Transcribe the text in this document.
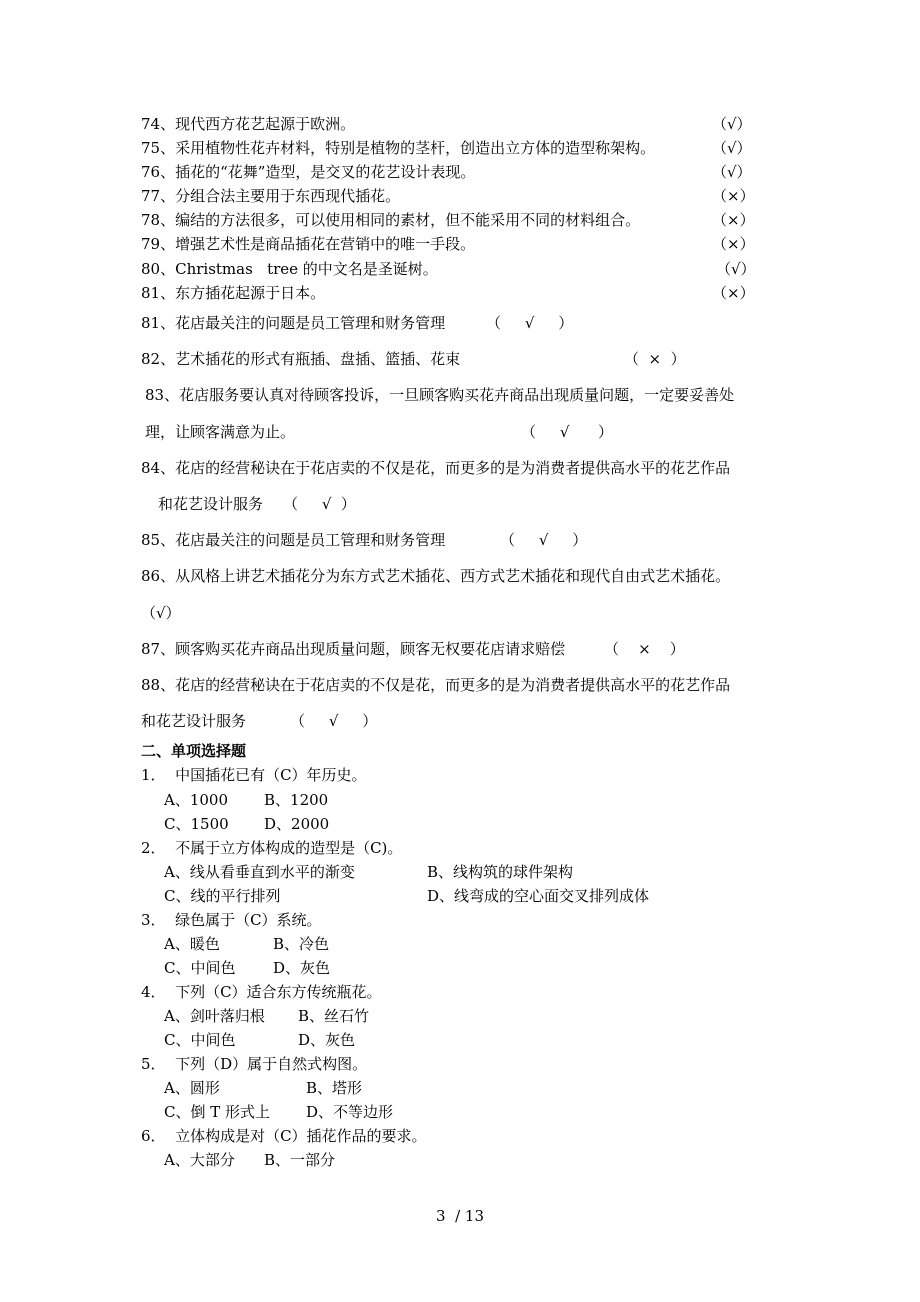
74、现代西方花艺起源于欧洲。	（√）
75、采用植物性花卉材料，特别是植物的茎杆，创造出立方体的造型称架构。	（√）
76、插花的“花舞”造型，是交叉的花艺设计表现。	（√）
77、分组合法主要用于东西现代插花。	（×）
78、编结的方法很多，可以使用相同的素材，但不能采用不同的材料组合。	（×）
79、增强艺术性是商品插花在营销中的唯一手段。	（×）
80、Christmas   tree 的中文名是圣诞树。	（√）
81、东方插花起源于日本。	（×）
81、花店最关注的问题是员工管理和财务管理	（     √     ）
82、艺术插花的形式有瓶插、盘插、篮插、花束	（  ×  ）
83、花店服务要认真对待顾客投诉，一旦顾客购买花卉商品出现质量问题，一定要妥善处
理，让顾客满意为止。	（     √      ）
84、花店的经营秘诀在于花店卖的不仅是花，而更多的是为消费者提供高水平的花艺作品
和花艺设计服务 （     √  ）
85、花店最关注的问题是员工管理和财务管理	（     √     ）
86、从风格上讲艺术插花分为东方式艺术插花、西方式艺术插花和现代自由式艺术插花。
（√）
87、顾客购买花卉商品出现质量问题，顾客无权要花店请求赔偿	（    ×    ）
88、花店的经营秘诀在于花店卖的不仅是花，而更多的是为消费者提供高水平的花艺作品
和花艺设计服务	（     √     ）
二、单项选择题
1．  中国插花已有（C）年历史。
A、1000 B、1200
C、1500 D、2000
2．  不属于立方体构成的造型是（C)。
A、线从看垂直到水平的渐变	B、线构筑的球件架构
C、线的平行排列	D、线弯成的空心面交叉排列成体
3．  绿色属于（C）系统。
A、暖色	B、冷色
C、中间色	D、灰色
4．  下列（C）适合东方传统瓶花。
A、剑叶落归根 B、丝石竹
C、中间色	D、灰色
5．  下列（D）属于自然式构图。
A、圆形	B、塔形
C、倒 T 形式上 D、不等边形
6．  立体构成是对（C）插花作品的要求。
A、大部分 B、一部分
3  / 13
